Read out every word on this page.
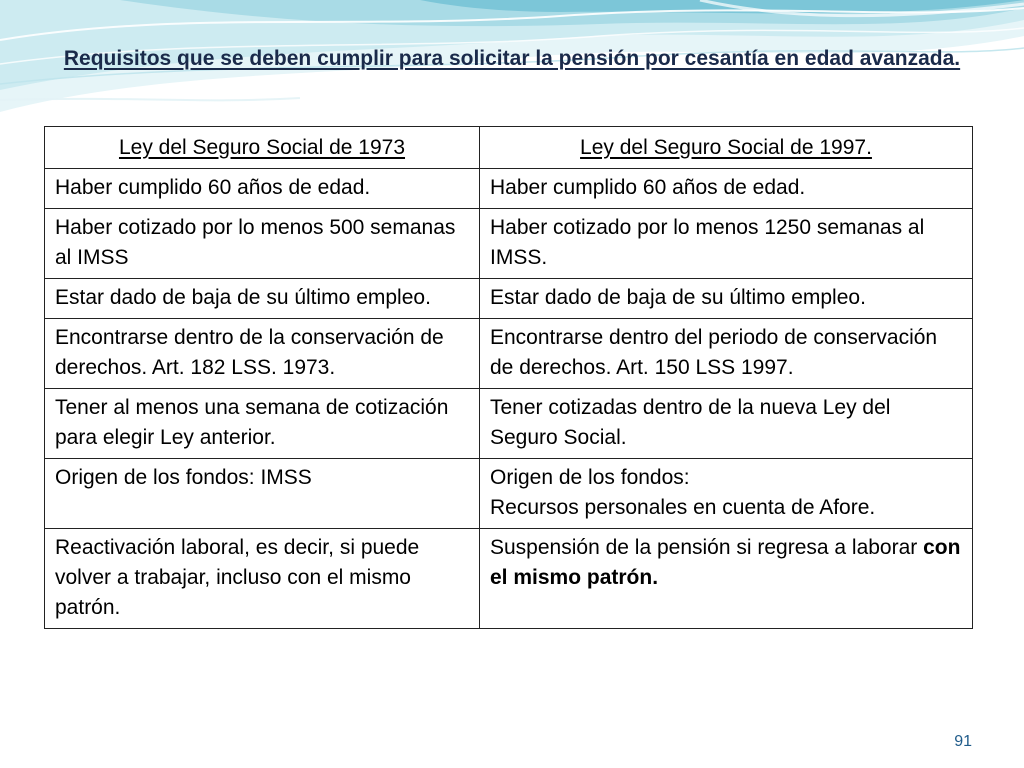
Requisitos que se deben cumplir para solicitar la pensión por cesantía en edad avanzada.
Ley del Seguro Social de 1973	Ley del Seguro Social de 1997.
Haber cumplido 60 años de edad.	Haber cumplido 60 años de edad.
Haber cotizado por lo menos 500 semanas al IMSS	Haber cotizado por lo menos 1250 semanas al IMSS.
Estar dado de baja de su último empleo.	Estar dado de baja de su último empleo.
Encontrarse dentro de la conservación de derechos. Art. 182 LSS. 1973.	Encontrarse dentro del periodo de conservación de derechos. Art. 150 LSS 1997.
Tener al menos una semana de cotización para elegir Ley anterior.	Tener cotizadas dentro de la nueva Ley del Seguro Social.
Origen de los fondos: IMSS	Origen de los fondos:
Recursos personales en cuenta de Afore.

Reactivación laboral, es decir, si puede volver a trabajar, incluso con el mismo patrón.	Suspensión de la pensión si regresa a laborar con el mismo patrón.
91
